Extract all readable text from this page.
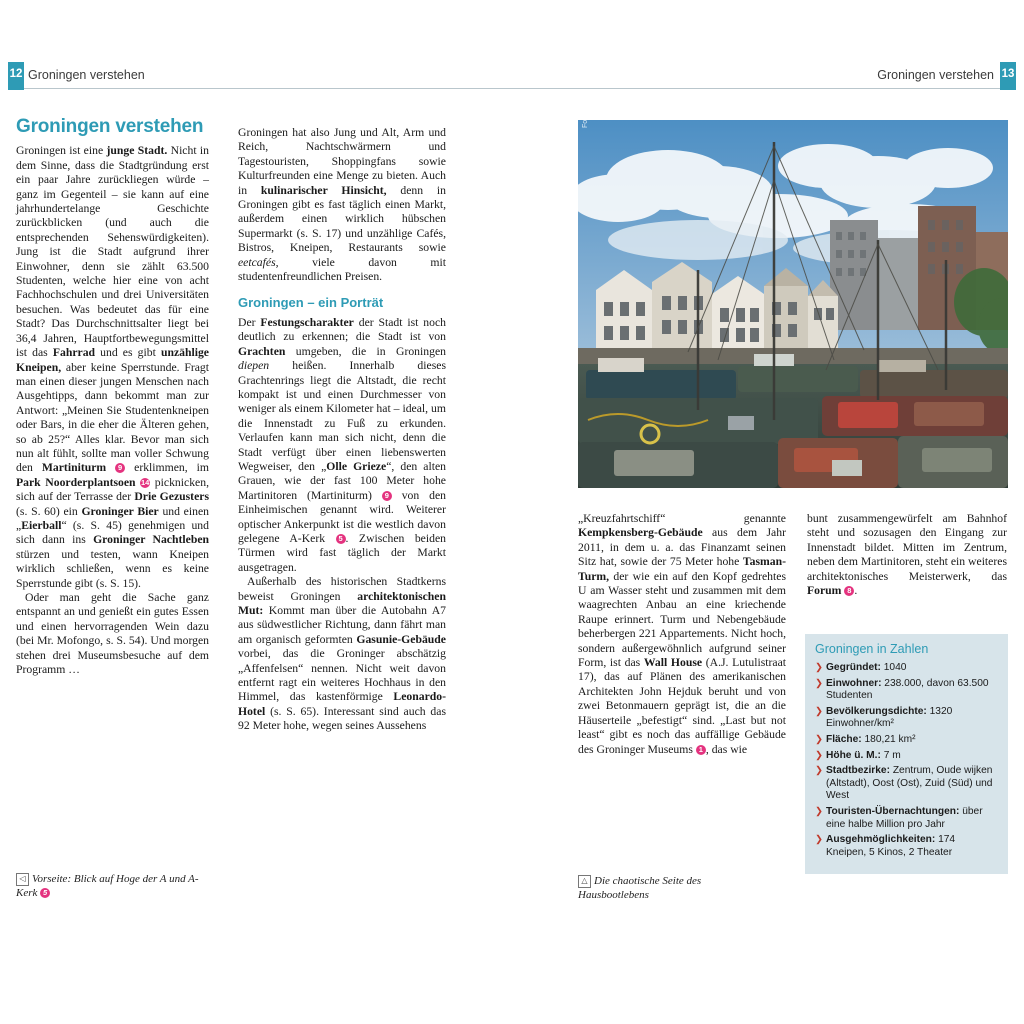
12 Groningen verstehen	13
Groningen verstehen
Groningen verstehen

Groningen ist eine junge Stadt. Nicht in dem Sinne, dass die Stadtgründung erst ein paar Jahre zurückliegen würde – ganz im Gegenteil – sie kann auf eine jahrhundertelange Geschichte zurückblicken (und auch die entsprechenden Sehenswürdigkeiten). Jung ist die Stadt aufgrund ihrer Einwohner, denn sie zählt 63.500 Studenten, welche hier eine von acht Fachhochschulen und drei Universitäten besuchen. Was bedeutet das für eine Stadt? Das Durchschnittsalter liegt bei 36,4 Jahren, Hauptfortbewegungsmittel ist das Fahrrad und es gibt unzählige Kneipen, aber keine Sperrstunde. Fragt man einen dieser jungen Menschen nach Ausgehtipps, dann bekommt man zur Antwort: „Meinen Sie Studentenkneipen oder Bars, in die eher die Älteren gehen, so ab 25?“ Alles klar. Bevor man sich nun alt fühlt, sollte man voller Schwung den Martiniturm 9 erklimmen, im Park Noorderplantsoen 14 picknicken, sich auf der Terrasse der Drie Gezusters (s. S. 60) ein Groninger Bier und einen „Eierball“ (s. S. 45) genehmigen und sich dann ins Groninger Nachtleben stürzen und testen, wann Kneipen wirklich schließen, wenn es keine Sperrstunde gibt (s. S. 15).

Oder man geht die Sache ganz entspannt an und genießt ein gutes Essen und einen hervorragenden Wein dazu (bei Mr. Mofongo, s. S. 54). Und morgen stehen drei Museumsbesuche auf dem Programm …

Groningen hat also Jung und Alt, Arm und Reich, Nachtschwärmern und Tagestouristen, Shoppingfans sowie Kulturfreunden eine Menge zu bieten. Auch in kulinarischer Hinsicht, denn in Groningen gibt es fast täglich einen Markt, außerdem einen wirklich hübschen Supermarkt (s. S. 17) und unzählige Cafés, Bistros, Kneipen, Restaurants sowie eetcafés, viele davon mit studentenfreundlichen Preisen.

Groningen – ein Porträt

Der Festungscharakter der Stadt ist noch deutlich zu erkennen; die Stadt ist von Grachten umgeben, die in Groningen diepen heißen. Innerhalb dieses Grachtenrings liegt die Altstadt, die recht kompakt ist und einen Durchmesser von weniger als einem Kilometer hat – ideal, um die Innenstadt zu Fuß zu erkunden. Verlaufen kann man sich nicht, denn die Stadt verfügt über einen liebenswerten Wegweiser, den „Olle Grieze“, den alten Grauen, wie der fast 100 Meter hohe Martinitoren (Martiniturm) 9 von den Einheimischen genannt wird. Weiterer optischer Ankerpunkt ist die westlich davon gelegene A-Kerk 5 . Zwischen beiden Türmen wird fast täglich der Markt ausgetragen.

Außerhalb des historischen Stadtkerns beweist Groningen architektonischen Mut: Kommt man über die Autobahn A7 aus südwestlicher Richtung, dann fährt man am organisch geformten Gasunie-Gebäude vorbei, das die Groninger abschätzig „Affenfelsen“ nennen. Nicht weit davon entfernt ragt ein weiteres Hochhaus in den Himmel, das kastenförmige Leonardo-Hotel (s. S. 65). Interessant sind auch das 92 Meter hohe, wegen seines Aussehens

Foto: jh

„Kreuzfahrtschiff“ genannte Kempkensberg-Gebäude aus dem Jahr 2011, in dem u. a. das Finanzamt seinen Sitz hat, sowie der 75 Meter hohe Tasman-Turm, der wie ein auf den Kopf gedrehtes U am Wasser steht und zusammen mit dem waagrechten Anbau an eine kriechende Raupe erinnert. Turm und Nebengebäude beherbergen 221 Appartements. Nicht hoch, sondern außergewöhnlich aufgrund seiner Form, ist das Wall House (A.J. Lutulistraat 17), das auf Plänen des amerikanischen Architekten John Hejduk beruht und von zwei Betonmauern geprägt ist, die an die Häuserteile „befestigt“ sind. „Last but not least“ gibt es noch das auffällige Gebäude des Groninger Museums 1 , das wie

bunt zusammengewürfelt am Bahnhof steht und sozusagen den Eingang zur Innenstadt bildet. Mitten im Zentrum, neben dem Martinitoren, steht ein weiteres architektonisches Meisterwerk, das Forum 8 .

◁ Vorseite: Blick auf Hoge der A und A-Kerk 5
△ Die chaotische Seite des Hausbootlebens
Groningen in Zahlen
❯ Gegründet: 1040
❯ Einwohner: 238.000, davon 63.500 Studenten
❯ Bevölkerungsdichte: 1320 Einwohner/km²
❯ Fläche: 180,21 km²
❯ Höhe ü. M.: 7 m
❯ Stadtbezirke: Zentrum, Oude wijken (Altstadt), Oost (Ost), Zuid (Süd) und West
❯ Touristen-Übernachtungen: über eine halbe Million pro Jahr
❯ Ausgehmöglichkeiten: 174 Kneipen, 5 Kinos, 2 Theater
